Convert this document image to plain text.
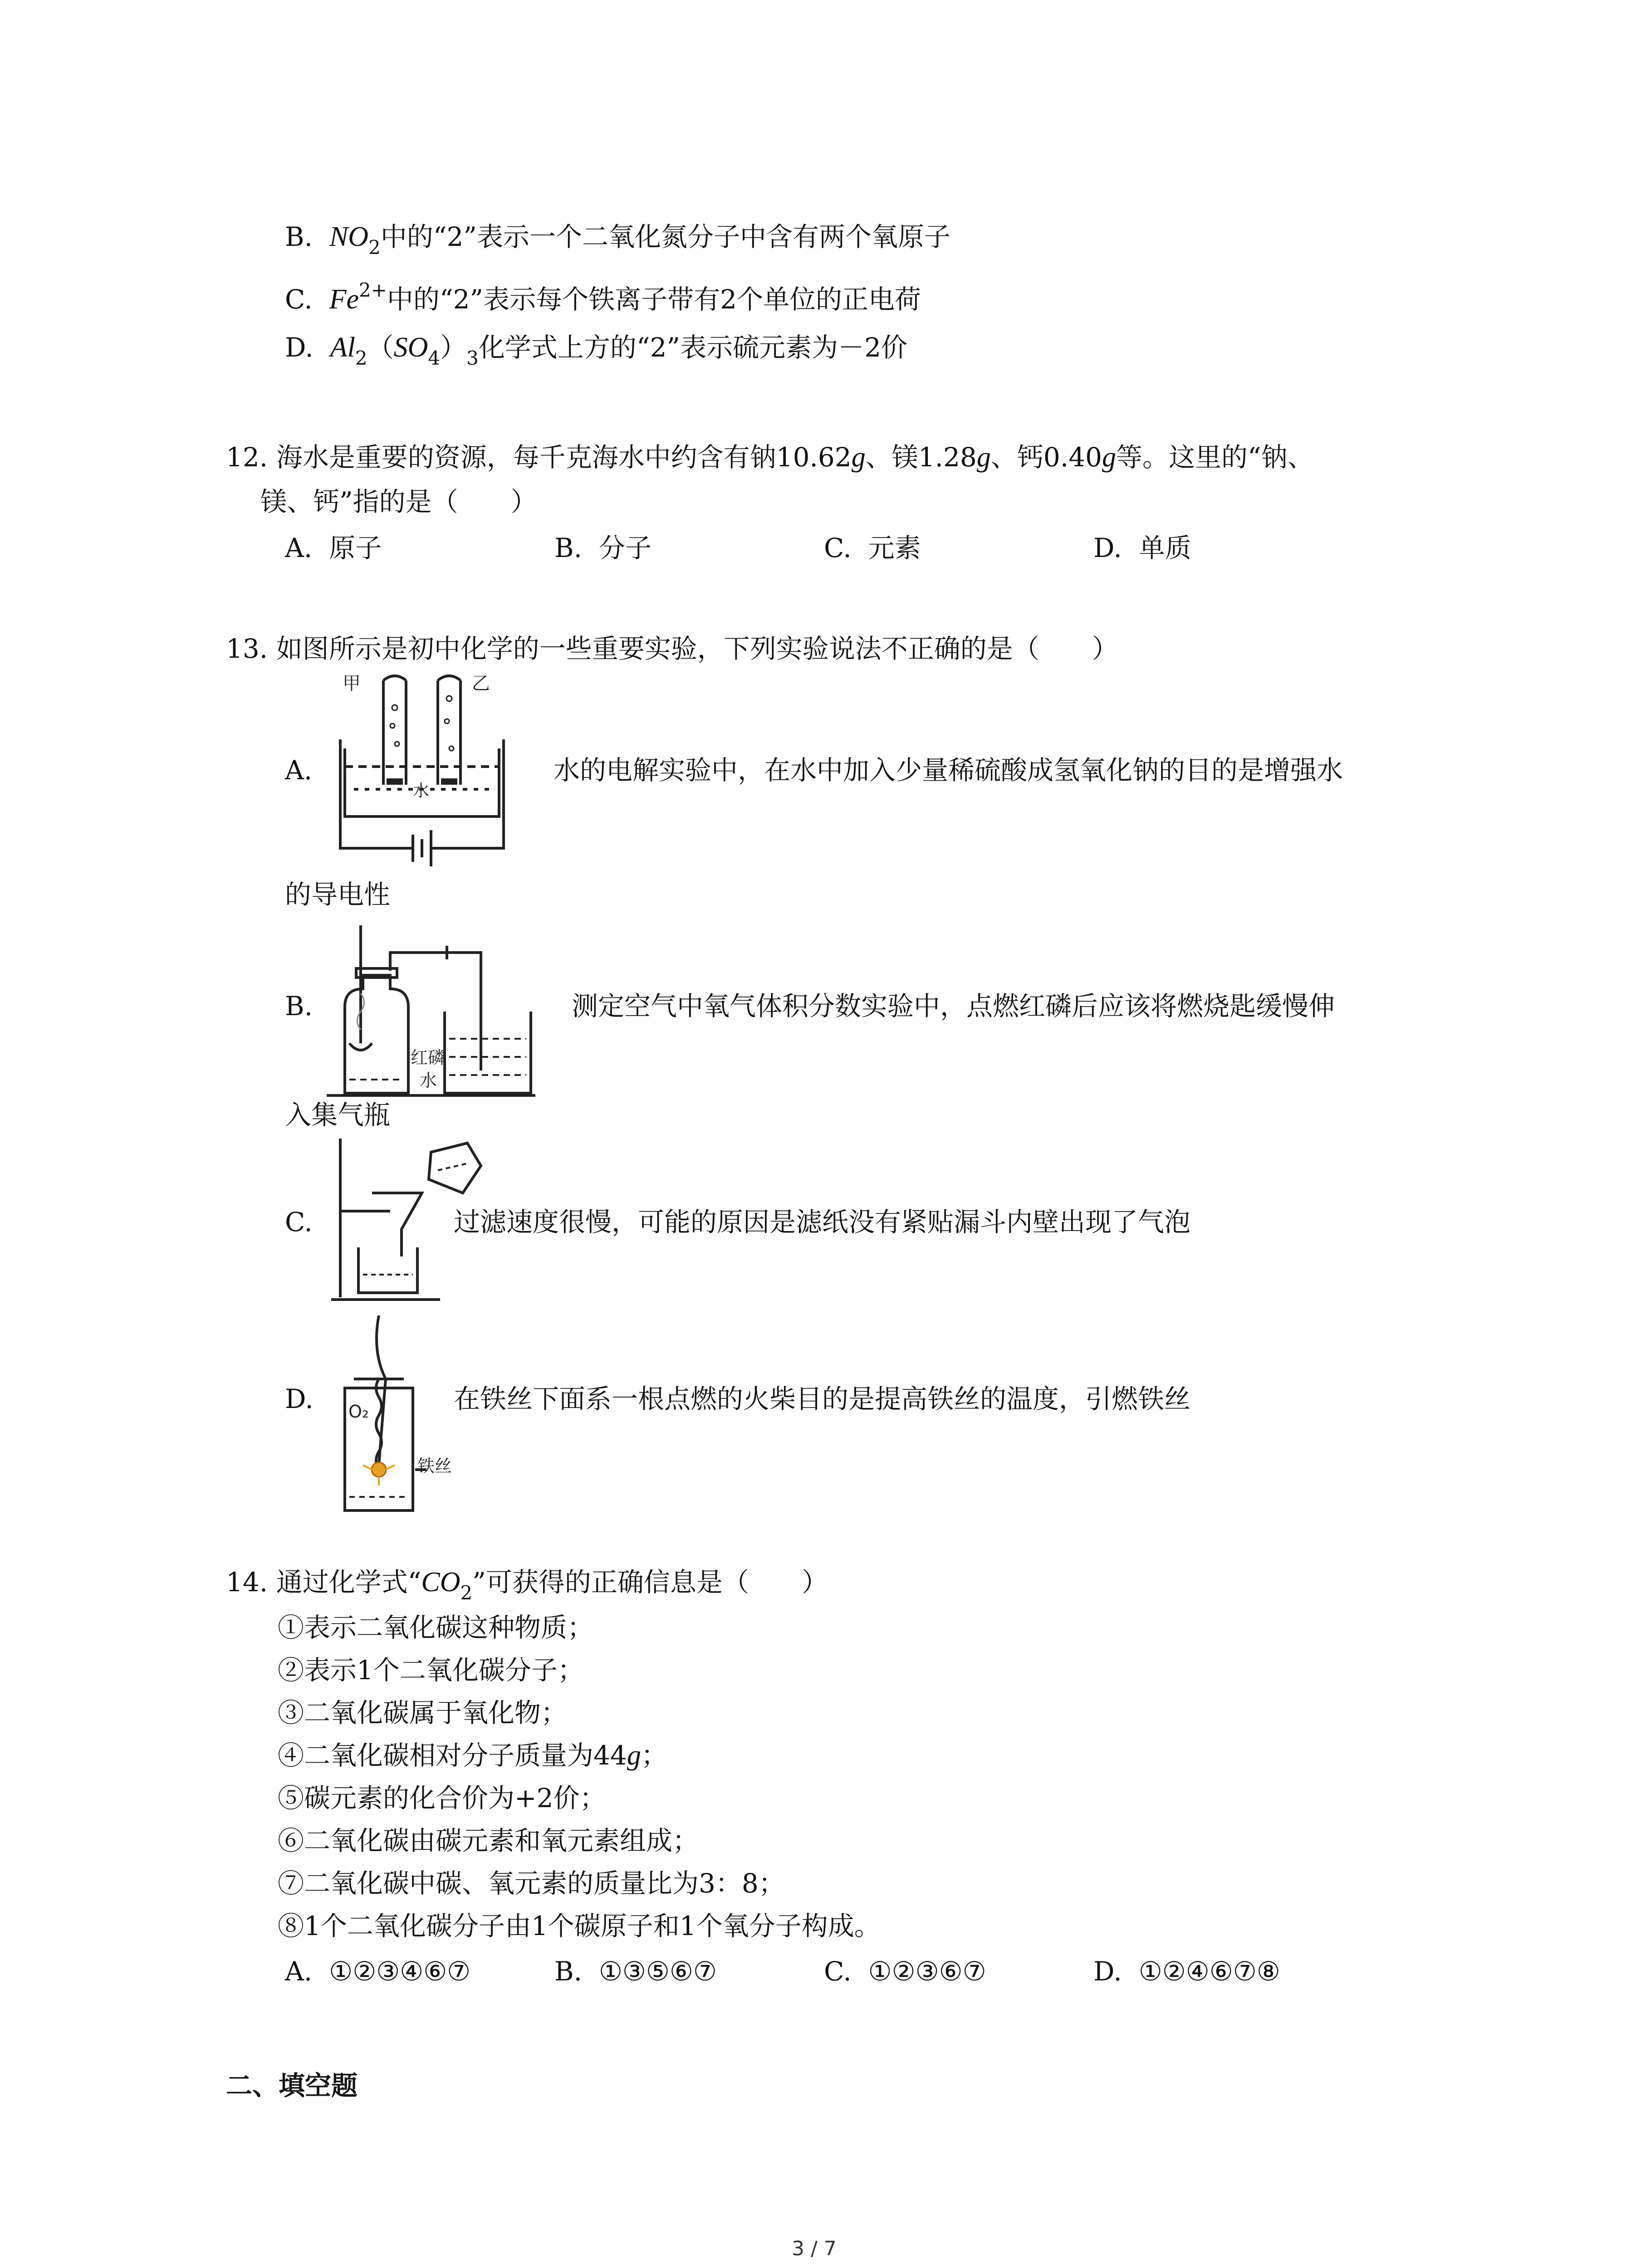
B. $NO_2$中的“2”表示一个二氧化氮分子中含有两个氧原子
C. $Fe^{2+}$中的“2”表示每个铁离子带有2个单位的正电荷
D. $Al_2(SO_4)_3$化学式上方的“2”表示硫元素为－2价
12. 海水是重要的资源，每千克海水中约含有钠10.62g、镁1.28g、钙0.40g等。这里的“钠、
镁、钙”指的是（　　）
A. 原子	B. 分子	C. 元素	D. 单质
13. 如图所示是初中化学的一些重要实验，下列实验说法不正确的是（　　）
A.
甲	乙
水
水的电解实验中，在水中加入少量稀硫酸成氢氧化钠的目的是增强水
的导电性
B.
红磷
水
测定空气中氧气体积分数实验中，点燃红磷后应该将燃烧匙缓慢伸
入集气瓶
C.	过滤速度很慢，可能的原因是滤纸没有紧贴漏斗内壁出现了气泡
D. O₂
铁丝
在铁丝下面系一根点燃的火柴目的是提高铁丝的温度，引燃铁丝
14. 通过化学式“$CO_2$”可获得的正确信息是（　　）
①表示二氧化碳这种物质；
②表示1个二氧化碳分子；
③二氧化碳属于氧化物；
④二氧化碳相对分子质量为44g；
⑤碳元素的化合价为+2价；
⑥二氧化碳由碳元素和氧元素组成；
⑦二氧化碳中碳、氧元素的质量比为3：8；
⑧1个二氧化碳分子由1个碳原子和1个氧分子构成。
A. ①②③④⑥⑦	B. ①③⑤⑥⑦	C. ①②③⑥⑦	D. ①②④⑥⑦⑧
二、填空题
3 / 7
